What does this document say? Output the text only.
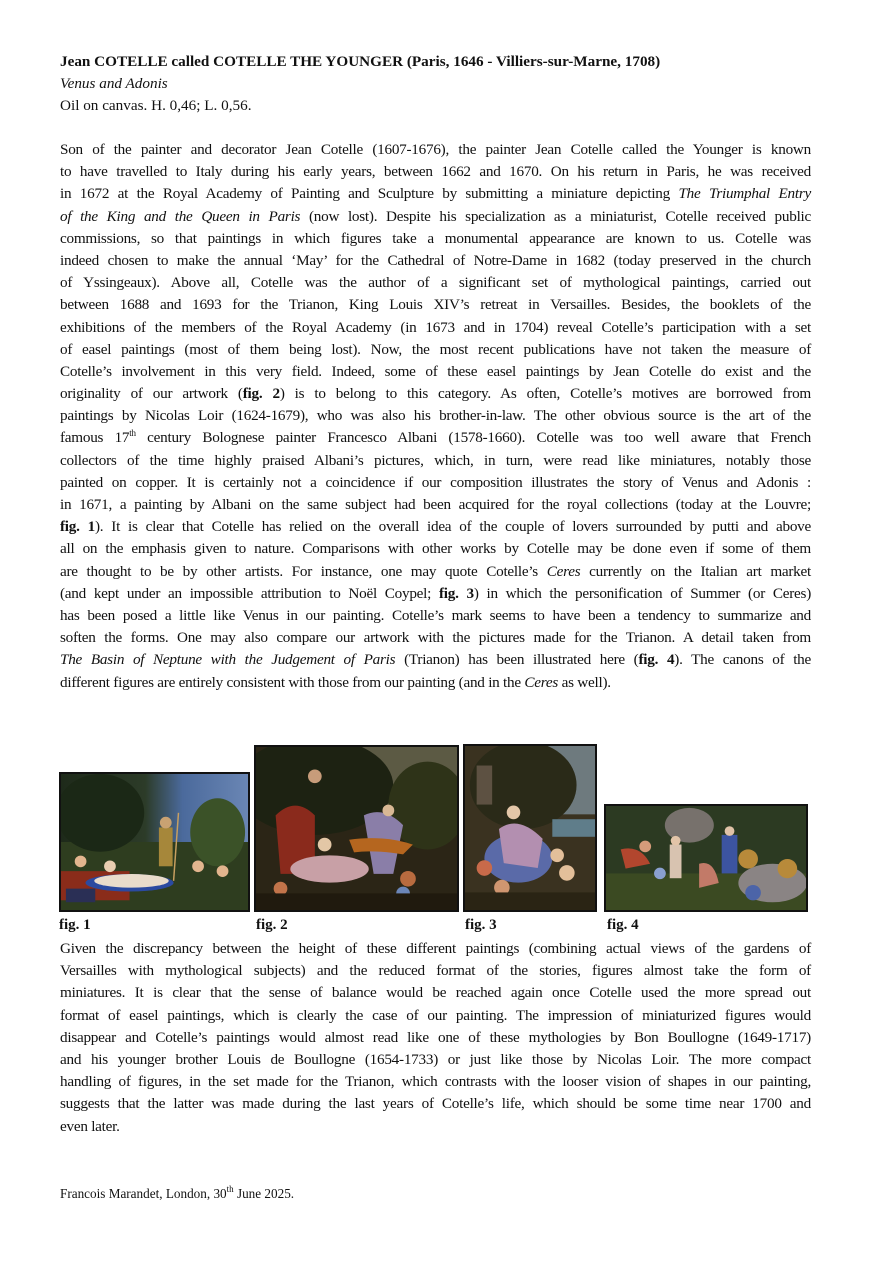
Jean COTELLE called COTELLE THE YOUNGER (Paris, 1646 - Villiers-sur-Marne, 1708)
Venus and Adonis
Oil on canvas. H. 0,46; L. 0,56.
Son of the painter and decorator Jean Cotelle (1607-1676), the painter Jean Cotelle called the Younger is known
to have travelled to Italy during his early years, between 1662 and 1670. On his return in Paris, he was received
in 1672 at the Royal Academy of Painting and Sculpture by submitting a miniature depicting The Triumphal Entry
of the King and the Queen in Paris (now lost). Despite his specialization as a miniaturist, Cotelle received public
commissions, so that paintings in which figures take a monumental appearance are known to us. Cotelle was
indeed chosen to make the annual ‘May’ for the Cathedral of Notre-Dame in 1682 (today preserved in the church
of Yssingeaux). Above all, Cotelle was the author of a significant set of mythological paintings, carried out
between 1688 and 1693 for the Trianon, King Louis XIV’s retreat in Versailles. Besides, the booklets of the
exhibitions of the members of the Royal Academy (in 1673 and in 1704) reveal Cotelle’s participation with a set
of easel paintings (most of them being lost). Now, the most recent publications have not taken the measure of
Cotelle’s involvement in this very field. Indeed, some of these easel paintings by Jean Cotelle do exist and the
originality of our artwork (fig. 2) is to belong to this category. As often, Cotelle’s motives are borrowed from
paintings by Nicolas Loir (1624-1679), who was also his brother-in-law. The other obvious source is the art of the
famous 17th century Bolognese painter Francesco Albani (1578-1660). Cotelle was too well aware that French
collectors of the time highly praised Albani’s pictures, which, in turn, were read like miniatures, notably those
painted on copper. It is certainly not a coincidence if our composition illustrates the story of Venus and Adonis :
in 1671, a painting by Albani on the same subject had been acquired for the royal collections (today at the Louvre;
fig. 1). It is clear that Cotelle has relied on the overall idea of the couple of lovers surrounded by putti and above
all on the emphasis given to nature. Comparisons with other works by Cotelle may be done even if some of them
are thought to be by other artists. For instance, one may quote Cotelle’s Ceres currently on the Italian art market
(and kept under an impossible attribution to Noël Coypel; fig. 3) in which the personification of Summer (or Ceres)
has been posed a little like Venus in our painting. Cotelle’s mark seems to have been a tendency to summarize and
soften the forms. One may also compare our artwork with the pictures made for the Trianon. A detail taken from
The Basin of Neptune with the Judgement of Paris (Trianon) has been illustrated here (fig. 4). The canons of the
different figures are entirely consistent with those from our painting (and in the Ceres as well).
fig. 1	fig. 2	fig. 3	fig. 4
Given the discrepancy between the height of these different paintings (combining actual views of the gardens of
Versailles with mythological subjects) and the reduced format of the stories, figures almost take the form of
miniatures. It is clear that the sense of balance would be reached again once Cotelle used the more spread out
format of easel paintings, which is clearly the case of our painting. The impression of miniaturized figures would
disappear and Cotelle’s paintings would almost read like one of these mythologies by Bon Boullogne (1649-1717)
and his younger brother Louis de Boullogne (1654-1733) or just like those by Nicolas Loir. The more compact
handling of figures, in the set made for the Trianon, which contrasts with the looser vision of shapes in our painting,
suggests that the latter was made during the last years of Cotelle’s life, which should be some time near 1700 and
even later.
Francois Marandet, London, 30th June 2025.
